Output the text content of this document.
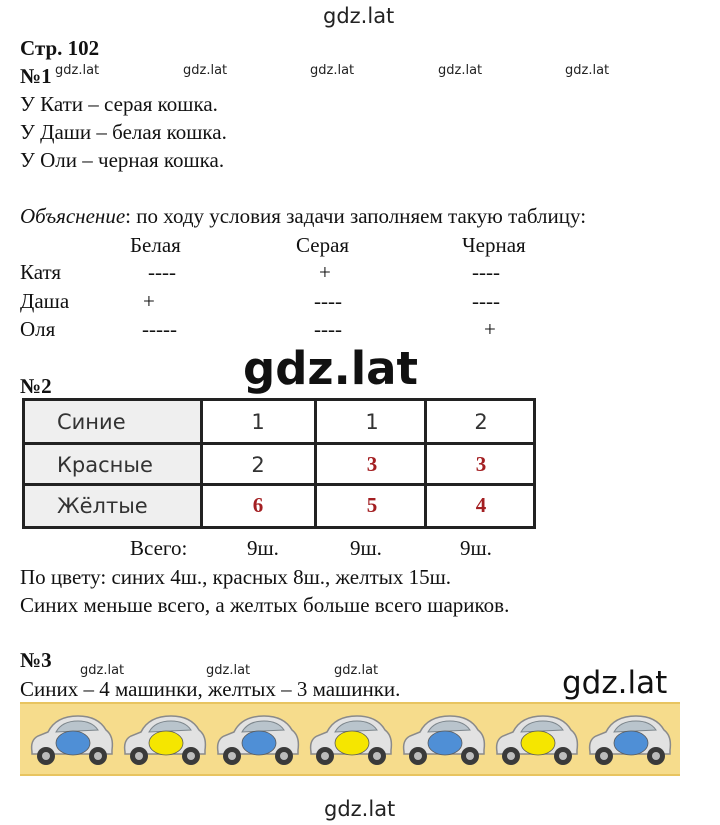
gdz.lat
gdz.lat	gdz.lat	gdz.lat	gdz.lat	gdz.lat
Стр. 102
№1
У Кати – серая кошка.
У Даши – белая кошка.
У Оли – черная кошка.
Объяснение: по ходу условия задачи заполняем такую таблицу:
Белая	Серая	Черная
Катя	----	+	----
Даша	+	----	----
Оля	-----	----	+
gdz.lat
№2
Синие	1	1	2
Красные	2	3	3
Жёлтые	6	5	4
Всего:	9ш.	9ш.	9ш.
По цвету: синих 4ш., красных 8ш., желтых 15ш.
Синих меньше всего, а желтых больше всего шариков.
№3 gdz.lat	gdz.lat	gdz.lat
Синих – 4 машинки, желтых – 3 машинки.	gdz.lat
gdz.lat
